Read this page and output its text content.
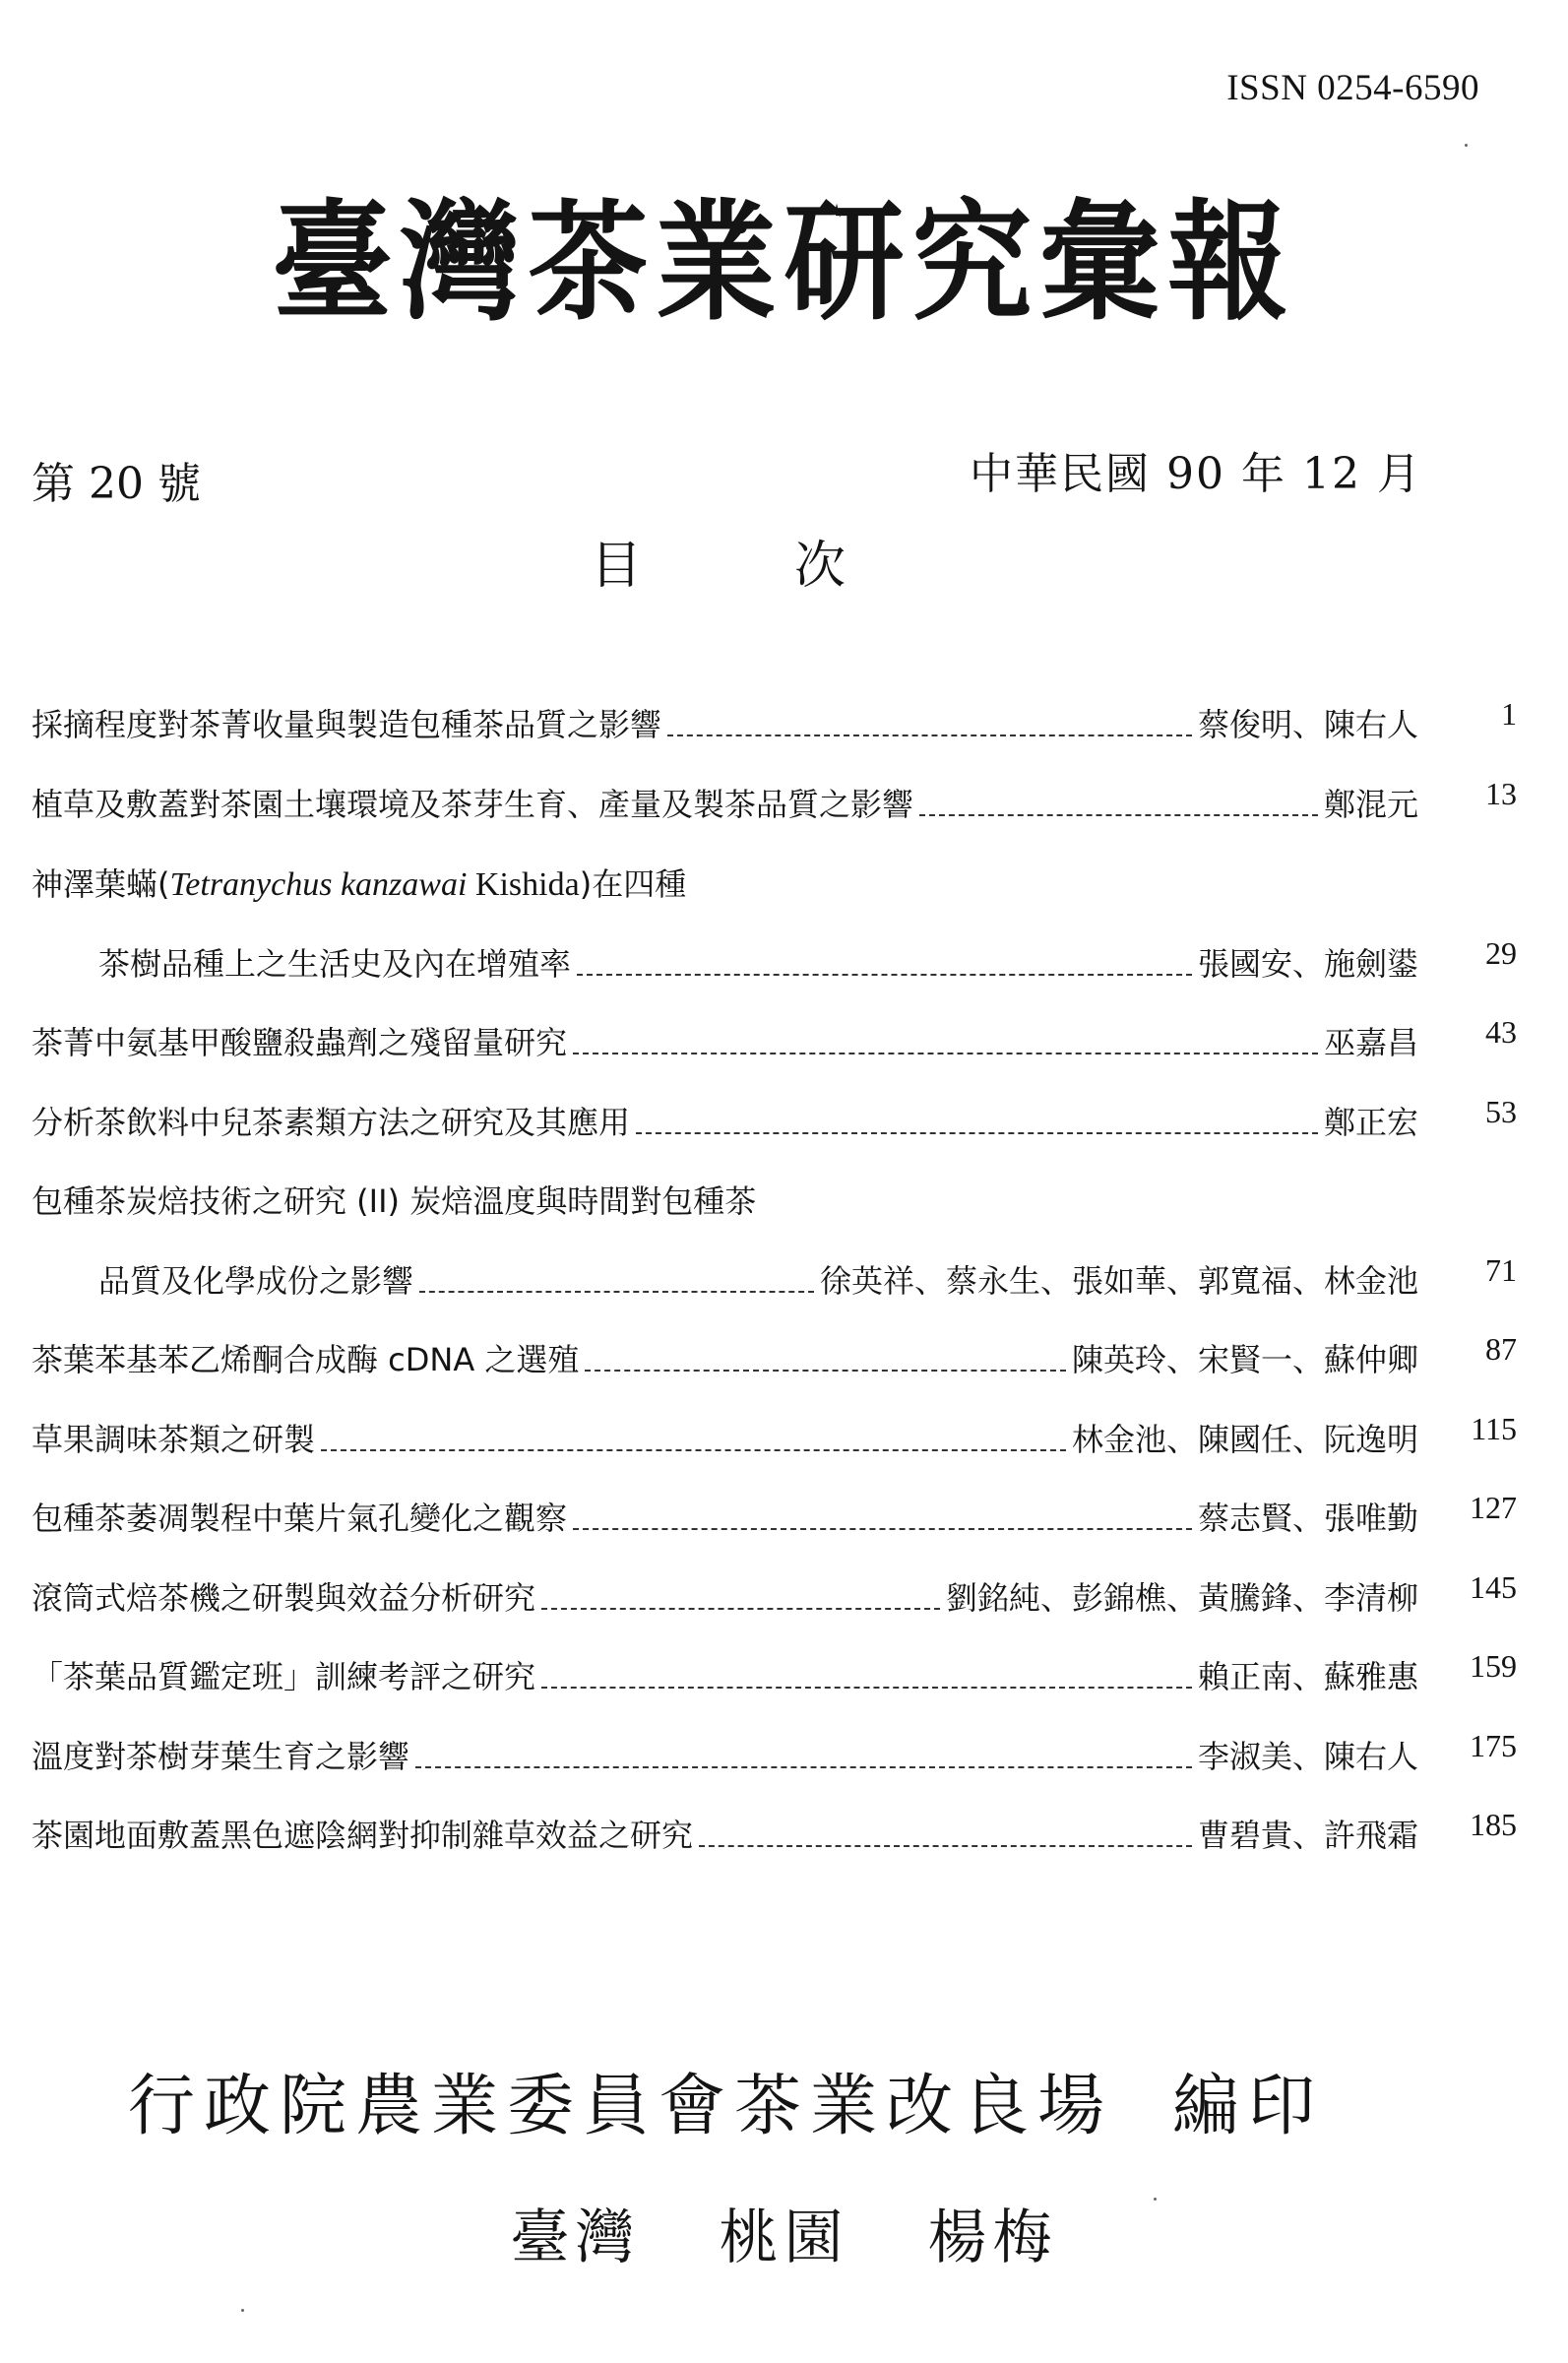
ISSN 0254-6590
臺灣茶業研究彙報
第 20 號	中華民國 90 年 12 月
目	次
採摘程度對茶菁收量與製造包種茶品質之影響	蔡俊明、陳右人	1
植草及敷蓋對茶園土壤環境及茶芽生育、產量及製茶品質之影響	鄭混元	13
神澤葉蟎(Tetranychus kanzawai Kishida)在四種
茶樹品種上之生活史及內在增殖率	張國安、施劍鍙	29
茶菁中氨基甲酸鹽殺蟲劑之殘留量研究	巫嘉昌	43
分析茶飲料中兒茶素類方法之研究及其應用	鄭正宏	53
包種茶炭焙技術之研究 (II) 炭焙溫度與時間對包種茶
品質及化學成份之影響	徐英祥、蔡永生、張如華、郭寬福、林金池	71
茶葉苯基苯乙烯酮合成酶 cDNA 之選殖	陳英玲、宋賢一、蘇仲卿	87
草果調味茶類之研製	林金池、陳國任、阮逸明	115
包種茶萎凋製程中葉片氣孔變化之觀察	蔡志賢、張唯勤	127
滾筒式焙茶機之研製與效益分析研究	劉銘純、彭錦樵、黃騰鋒、李清柳	145
「茶葉品質鑑定班」訓練考評之研究	賴正南、蘇雅惠	159
溫度對茶樹芽葉生育之影響	李淑美、陳右人	175
茶園地面敷蓋黑色遮陰網對抑制雜草效益之研究	曹碧貴、許飛霜	185
行政院農業委員會茶業改良場 編印
臺灣 桃園 楊梅
